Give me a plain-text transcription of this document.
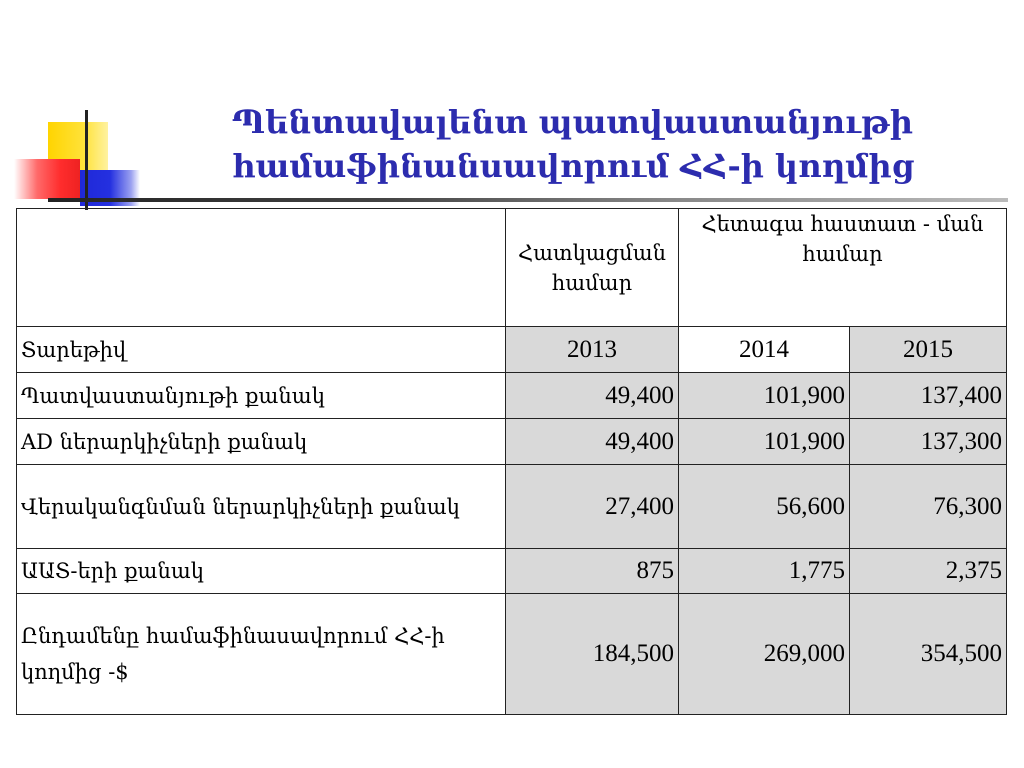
Պենտավալենտ պատվաստանյութի համաֆինանսավորում ՀՀ-ի կողմից
	Հատկացման համար	Հետագա հաստատ - ման համար	
Տարեթիվ	2013	2014	2015
Պատվաստանյութի քանակ	49,400	101,900	137,400
AD ներարկիչների քանակ	49,400	101,900	137,300
Վերականգնման ներարկիչների քանակ	27,400	56,600	76,300
ԱԱՏ-երի քանակ	875	1,775	2,375
Ընդամենը համաֆինասավորում ՀՀ-ի կողմից -$	184,500	269,000	354,500
